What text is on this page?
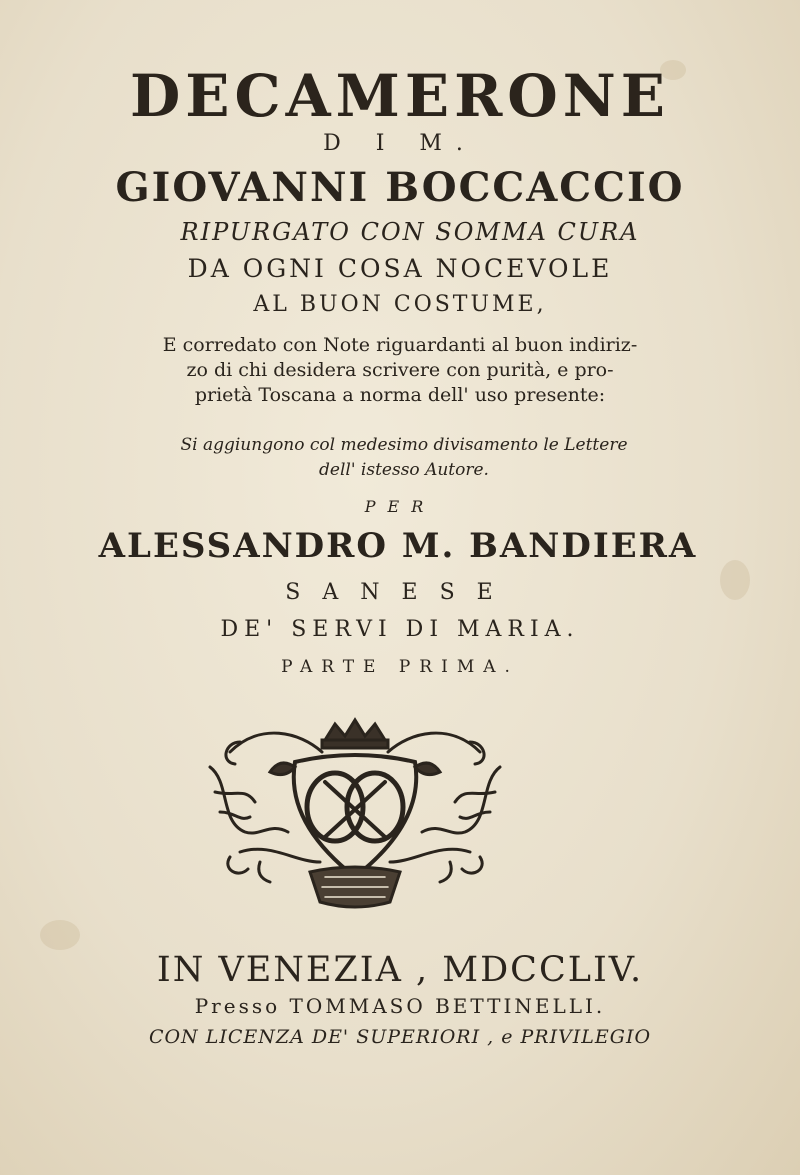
DECAMERONE
D I M.
GIOVANNI BOCCACCIO
RIPURGATO CON SOMMA CURA
DA OGNI COSA NOCEVOLE
AL BUON COSTUME,
E corredato con Note riguardanti al buon indiriz-
zo di chi desidera scrivere con purità, e pro-
prietà Toscana a norma dell' uso presente:
Si aggiungono col medesimo divisamento le Lettere
dell' istesso Autore.
PER
ALESSANDRO M. BANDIERA
SANESE
DE' SERVI DI MARIA.
PARTE PRIMA.
IN VENEZIA , MDCCLIV.
Presso TOMMASO BETTINELLI.
CON LICENZA DE' SUPERIORI , e PRIVILEGIO
